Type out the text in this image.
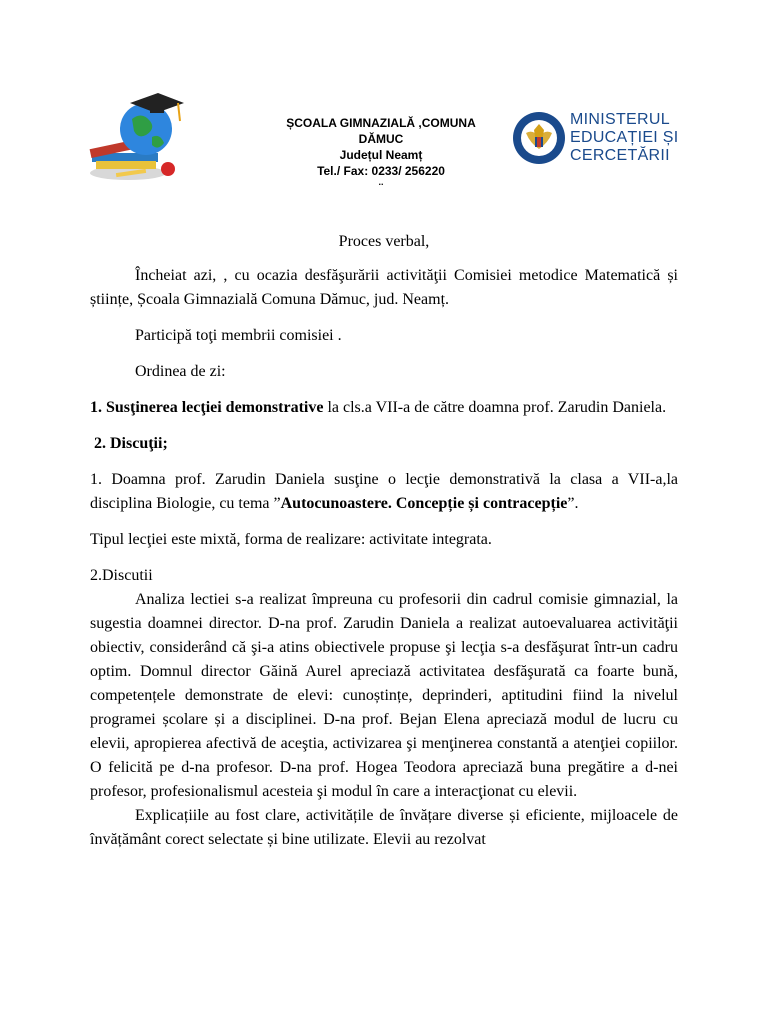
ȘCOALA GIMNAZIALĂ ,COMUNA
DĂMUC
Județul Neamț
Tel./ Fax: 0233/ 256220
..
MINISTERUL
EDUCAȚIEI ȘI
CERCETĂRII
Proces verbal,

Încheiat azi, , cu ocazia desfăşurării activităţii Comisiei metodice Matematică și științe, Școala Gimnazială Comuna Dămuc, jud. Neamț.

Participă toţi membrii comisiei .

Ordinea de zi:

1. Susţinerea lecţiei demonstrative la cls.a VII-a de către doamna prof. Zarudin Daniela.

2. Discuţii;

1. Doamna prof. Zarudin Daniela susţine o lecţie demonstrativă la clasa a VII-a,la disciplina Biologie, cu tema ”Autocunoastere. Concepție și contracepție”.

Tipul lecţiei este mixtă, forma de realizare: activitate integrata.

2.Discutii

Analiza lectiei s-a realizat împreuna cu profesorii din cadrul comisie gimnazial, la sugestia doamnei director. D-na prof. Zarudin Daniela a realizat autoevaluarea activităţii obiectiv, considerând că şi-a atins obiectivele propuse şi lecţia s-a desfăşurat într-un cadru optim. Domnul director Găină Aurel apreciază activitatea desfăşurată ca foarte bună, competențele demonstrate de elevi: cunoștințe, deprinderi, aptitudini fiind la nivelul programei școlare și a disciplinei. D-na prof. Bejan Elena apreciază modul de lucru cu elevii, apropierea afectivă de aceştia, activizarea şi menţinerea constantă a atenţiei copiilor. O felicită pe d-na profesor. D-na prof. Hogea Teodora apreciază buna pregătire a d-nei profesor, profesionalismul acesteia şi modul în care a interacţionat cu elevii.

Explicațiile au fost clare, activitățile de învățare diverse și eficiente, mijloacele de învățământ corect selectate și bine utilizate. Elevii au rezolvat
